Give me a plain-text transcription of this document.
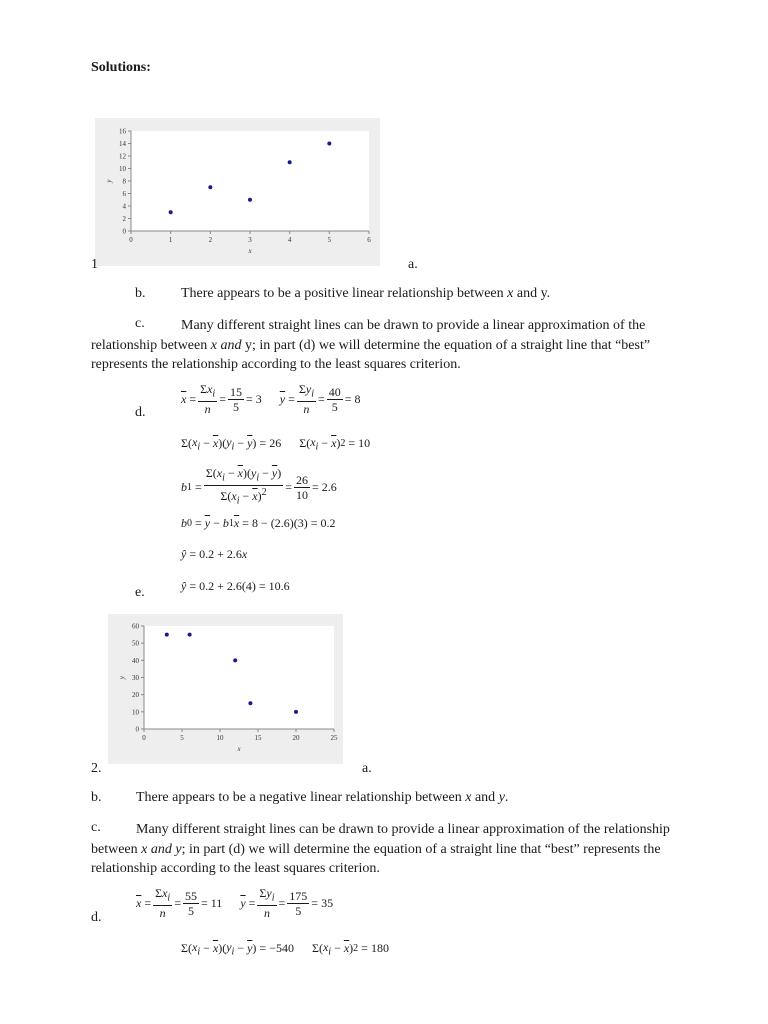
Solutions:
0
2
4
6
8
10
12
14
16
0	1	2	3	4	5	6
x
y
1	a.
b.	There appears to be a positive linear relationship between x and y.
c.	Many different straight lines can be drawn to provide a linear approximation of the relationship between x and y; in part (d) we will determine the equation of a straight line that “best” represents the relationship according to the least squares criterion.
d.
$\overline{x} = \frac{\Sigma x_i}{n} = \frac{15}{5} = 3$ $\overline{y} = \frac{\Sigma y_i}{n} = \frac{40}{5} = 8$
Σ( $x_i - \overline{x}$ )( $y_i - \overline{y}$ ) = 26 Σ( $x_i - \overline{x}$ ) 2
= 10
b $1 = \frac{\Sigma(x_i - \overline{x})(y_i - \overline{y})}{\Sigma(x_i - \overline{x})^2} = \frac{26}{10} = 2.6$
b $0 = \overline{y} - b$ 1 $\overline{x}$
= 8 − (2.6)(3) = 0.2
ŷ
= 0.2 + 2.6 x
e.	ŷ
= 0.2 + 2.6(4) = 10.6
0
10
20
30
40
50
60
0	5	10	15	20	25
x
y
2.	a.
b. There appears to be a negative linear relationship between x and y.
c.	Many different straight lines can be drawn to provide a linear approximation of the relationship between x and y; in part (d) we will determine the equation of a straight line that “best” represents the relationship according to the least squares criterion.
d.
$\overline{x} = \frac{\Sigma x_i}{n} = \frac{55}{5} = 11$ $\overline{y} = \frac{\Sigma y_i}{n} = \frac{175}{5} = 35$
Σ( $x_i - \overline{x}$ )( $y_i - \overline{y}$ ) = −540 Σ( $x_i - \overline{x}$ ) 2
= 180
